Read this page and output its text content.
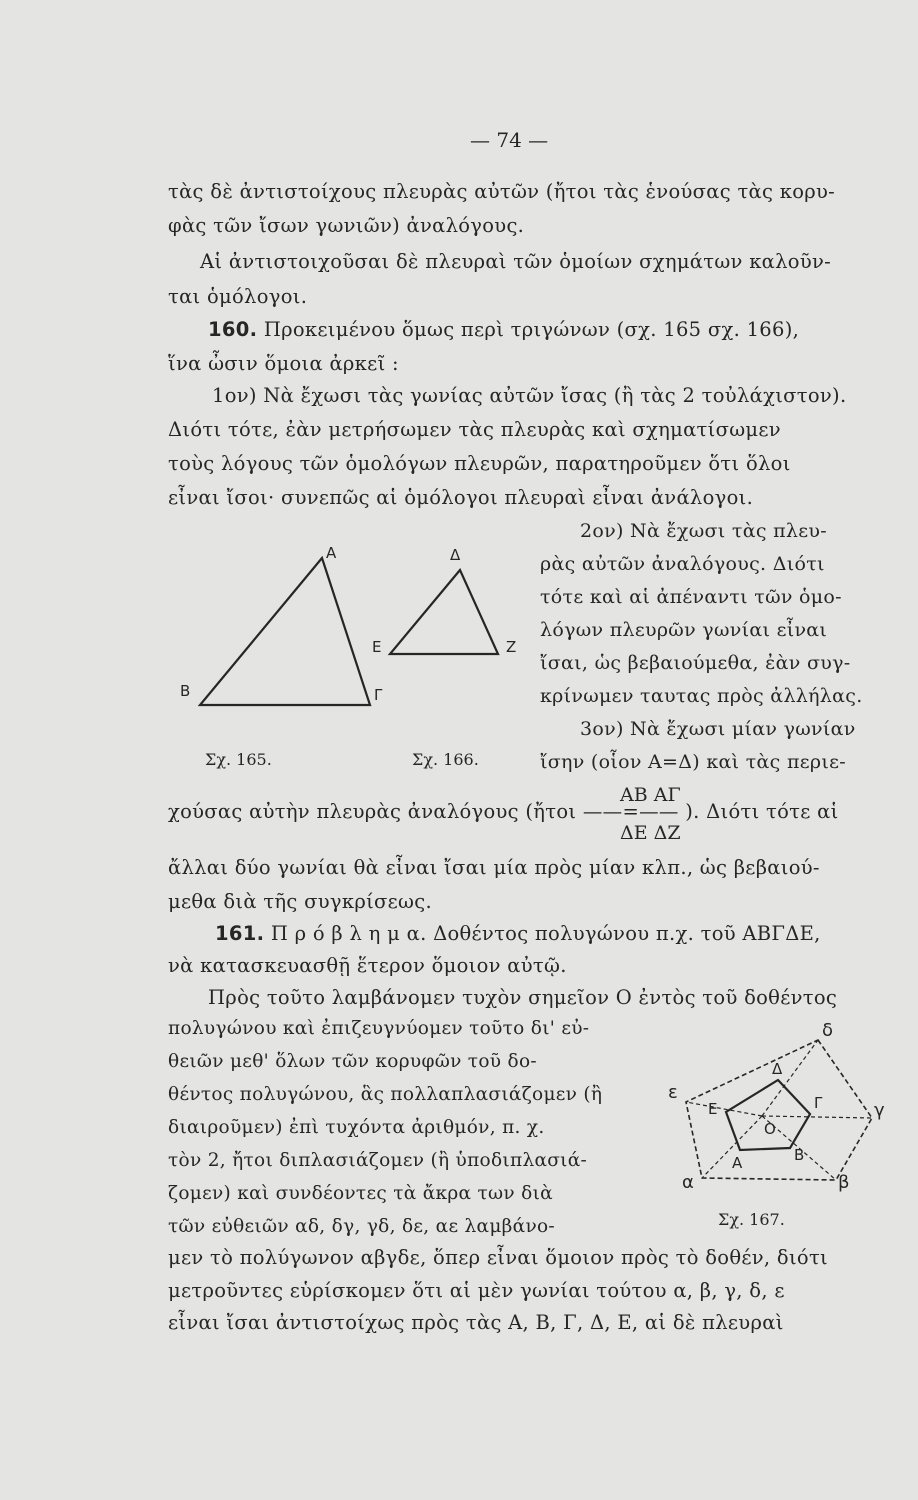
— 74 —
τὰς δὲ ἀντιστοίχους πλευρὰς αὐτῶν (ἤτοι τὰς ἑνούσας τὰς κορυ-
φὰς τῶν ἴσων γωνιῶν) ἀναλόγους.
Αἱ ἀντιστοιχοῦσαι δὲ πλευραὶ τῶν ὁμοίων σχημάτων καλοῦν-
ται ὁμόλογοι.
160. Προκειμένου ὅμως περὶ τριγώνων (σχ. 165 σχ. 166),
ἵνα ὦσιν ὅμοια ἀρκεῖ :
1ον) Νὰ ἔχωσι τὰς γωνίας αὐτῶν ἴσας (ἢ τὰς 2 τοὐλάχιστον).
Διότι τότε, ἐὰν μετρήσωμεν τὰς πλευρὰς καὶ σχηματίσωμεν
τοὺς λόγους τῶν ὁμολόγων πλευρῶν, παρατηροῦμεν ὅτι ὅλοι
εἶναι ἴσοι· συνεπῶς αἱ ὁμόλογοι πλευραὶ εἶναι ἀνάλογοι.
2ον) Νὰ ἔχωσι τὰς πλευ-
ρὰς αὐτῶν ἀναλόγους. Διότι
τότε καὶ αἱ ἀπέναντι τῶν ὁμο-
λόγων πλευρῶν γωνίαι εἶναι
ἴσαι, ὡς βεβαιούμεθα, ἐὰν συγ-
κρίνωμεν ταυτας πρὸς ἀλλήλας.
3ον) Νὰ ἔχωσι μίαν γωνίαν
ἴσην (οἷον Α=Δ) καὶ τὰς περιε-
Α
Β	Γ
Δ
Ε	Ζ
Σχ. 165.	Σχ. 166.
ΑΒ ΑΓ
χούσας αὐτὴν πλευρὰς ἀναλόγους (ἤτοι ——=—— ). Διότι τότε αἱ
ΔΕ ΔΖ
ἄλλαι δύο γωνίαι θὰ εἶναι ἴσαι μία πρὸς μίαν κλπ., ὡς βεβαιού-
μεθα διὰ τῆς συγκρίσεως.
161. Π ρ ό β λ η μ α. Δοθέντος πολυγώνου π.χ. τοῦ ΑΒΓΔΕ,
νὰ κατασκευασθῇ ἕτερον ὅμοιον αὐτῷ.
Πρὸς τοῦτο λαμβάνομεν τυχὸν σημεῖον Ο ἐντὸς τοῦ δοθέντος
πολυγώνου καὶ ἐπιζευγνύομεν τοῦτο δι' εὐ-
θειῶν μεθ' ὅλων τῶν κορυφῶν τοῦ δο-
θέντος πολυγώνου, ἃς πολλαπλασιάζομεν (ἢ
διαιροῦμεν) ἐπὶ τυχόντα ἀριθμόν, π. χ.
τὸν 2, ἤτοι διπλασιάζομεν (ἢ ὑποδιπλασιά-
ζομεν) καὶ συνδέοντες τὰ ἄκρα των διὰ
τῶν εὐθειῶν αδ, δγ, γδ, δε, αε λαμβάνο-
δ
γ
β
α
ε
Δ
Γ
Β
Α
Ε
Ο
Σχ. 167.
μεν τὸ πολύγωνον αβγδε, ὅπερ εἶναι ὅμοιον πρὸς τὸ δοθέν, διότι
μετροῦντες εὑρίσκομεν ὅτι αἱ μὲν γωνίαι τούτου α, β, γ, δ, ε
εἶναι ἴσαι ἀντιστοίχως πρὸς τὰς Α, Β, Γ, Δ, Ε, αἱ δὲ πλευραὶ
